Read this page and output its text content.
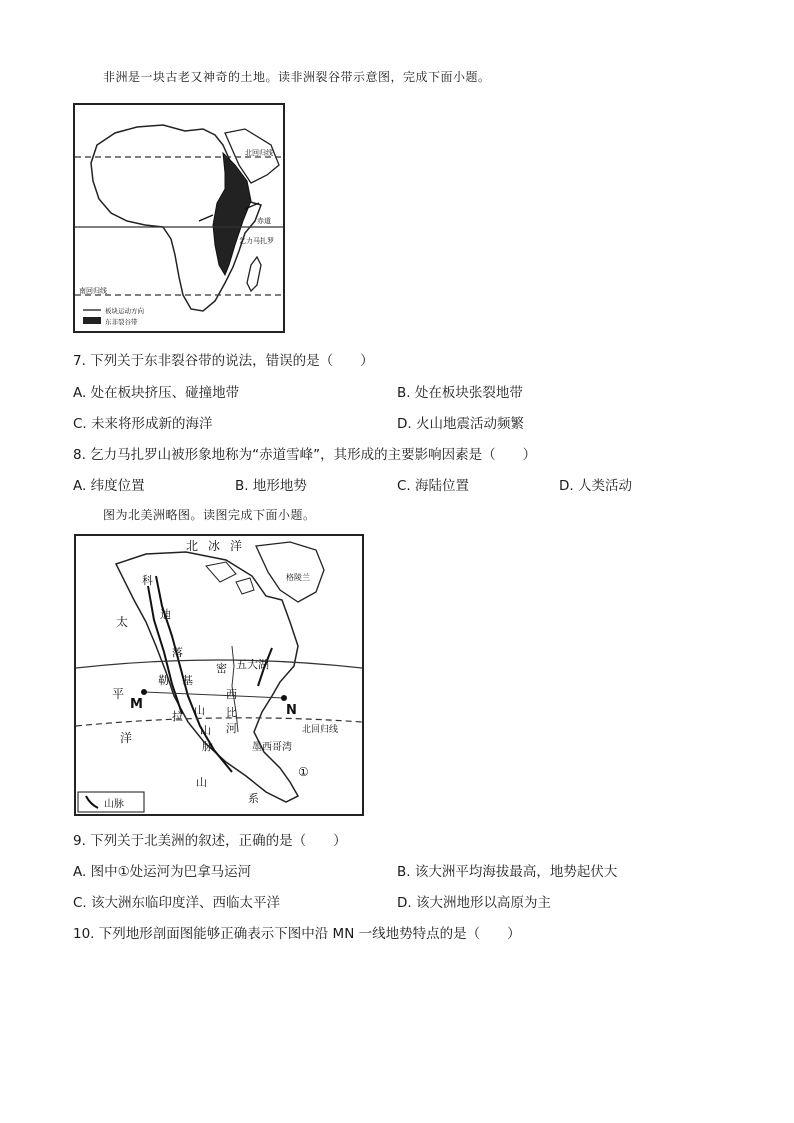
非洲是一块古老又神奇的土地。读非洲裂谷带示意图，完成下面小题。
北回归线
赤道
乞力马扎罗
南回归线
板块运动方向
东非裂谷带
7. 下列关于东非裂谷带的说法，错误的是（　　）
A. 处在板块挤压、碰撞地带	B. 处在板块张裂地带
C. 未来将形成新的海洋	D. 火山地震活动频繁
8. 乞力马扎罗山被形象地称为“赤道雪峰”，其形成的主要影响因素是（　　）
A. 纬度位置	B. 地形地势	C. 海陆位置	D. 人类活动
图为北美洲略图。读图完成下面小题。
北 冰 洋
格陵兰
太
平
洋
M	N
科
迪
落
勒 基
拉 山
山
山
脉
五大湖
密
西
比
河
墨西哥湾
北回归线
①
系
山脉
9. 下列关于北美洲的叙述，正确的是（　　）
A. 图中①处运河为巴拿马运河	B. 该大洲平均海拔最高，地势起伏大
C. 该大洲东临印度洋、西临太平洋	D. 该大洲地形以高原为主
10. 下列地形剖面图能够正确表示下图中沿 MN 一线地势特点的是（　　）
